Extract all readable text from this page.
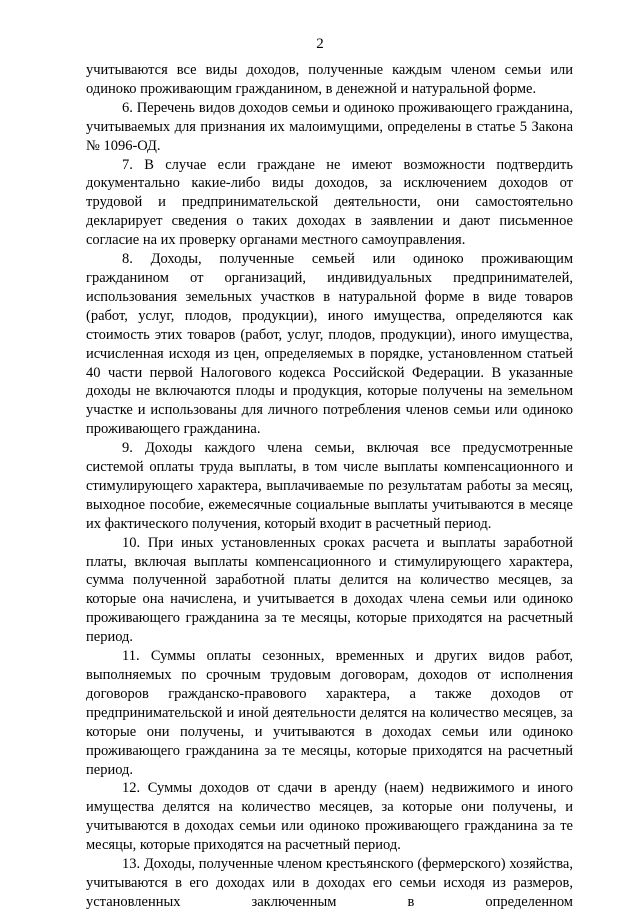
2

учитываются все виды доходов, полученные каждым членом семьи или одиноко проживающим гражданином, в денежной и натуральной форме.

6. Перечень видов доходов семьи и одиноко проживающего гражданина, учитываемых для признания их малоимущими, определены в статье 5 Закона № 1096-ОД.

7. В случае если граждане не имеют возможности подтвердить документально какие-либо виды доходов, за исключением доходов от трудовой и предпринимательской деятельности, они самостоятельно декларирует сведения о таких доходах в заявлении и дают письменное согласие на их проверку органами местного самоуправления.

8. Доходы, полученные семьей или одиноко проживающим гражданином от организаций, индивидуальных предпринимателей, использования земельных участков в натуральной форме в виде товаров (работ, услуг, плодов, продукции), иного имущества, определяются как стоимость этих товаров (работ, услуг, плодов, продукции), иного имущества, исчисленная исходя из цен, определяемых в порядке, установленном статьей 40 части первой Налогового кодекса Российской Федерации. В указанные доходы не включаются плоды и продукция, которые получены на земельном участке и использованы для личного потребления членов семьи или одиноко проживающего гражданина.

9. Доходы каждого члена семьи, включая все предусмотренные системой оплаты труда выплаты, в том числе выплаты компенсационного и стимулирующего характера, выплачиваемые по результатам работы за месяц, выходное пособие, ежемесячные социальные выплаты учитываются в месяце их фактического получения, который входит в расчетный период.

10. При иных установленных сроках расчета и выплаты заработной платы, включая выплаты компенсационного и стимулирующего характера, сумма полученной заработной платы делится на количество месяцев, за которые она начислена, и учитывается в доходах члена семьи или одиноко проживающего гражданина за те месяцы, которые приходятся на расчетный период.

11. Суммы оплаты сезонных, временных и других видов работ, выполняемых по срочным трудовым договорам, доходов от исполнения договоров гражданско-правового характера, а также доходов от предпринимательской и иной деятельности делятся на количество месяцев, за которые они получены, и учитываются в доходах семьи или одиноко проживающего гражданина за те месяцы, которые приходятся на расчетный период.

12. Суммы доходов от сдачи в аренду (наем) недвижимого и иного имущества делятся на количество месяцев, за которые они получены, и учитываются в доходах семьи или одиноко проживающего гражданина за те месяцы, которые приходятся на расчетный период.

13. Доходы, полученные членом крестьянского (фермерского) хозяйства, учитываются в его доходах или в доходах его семьи исходя из размеров, установленных заключенным в определенном
